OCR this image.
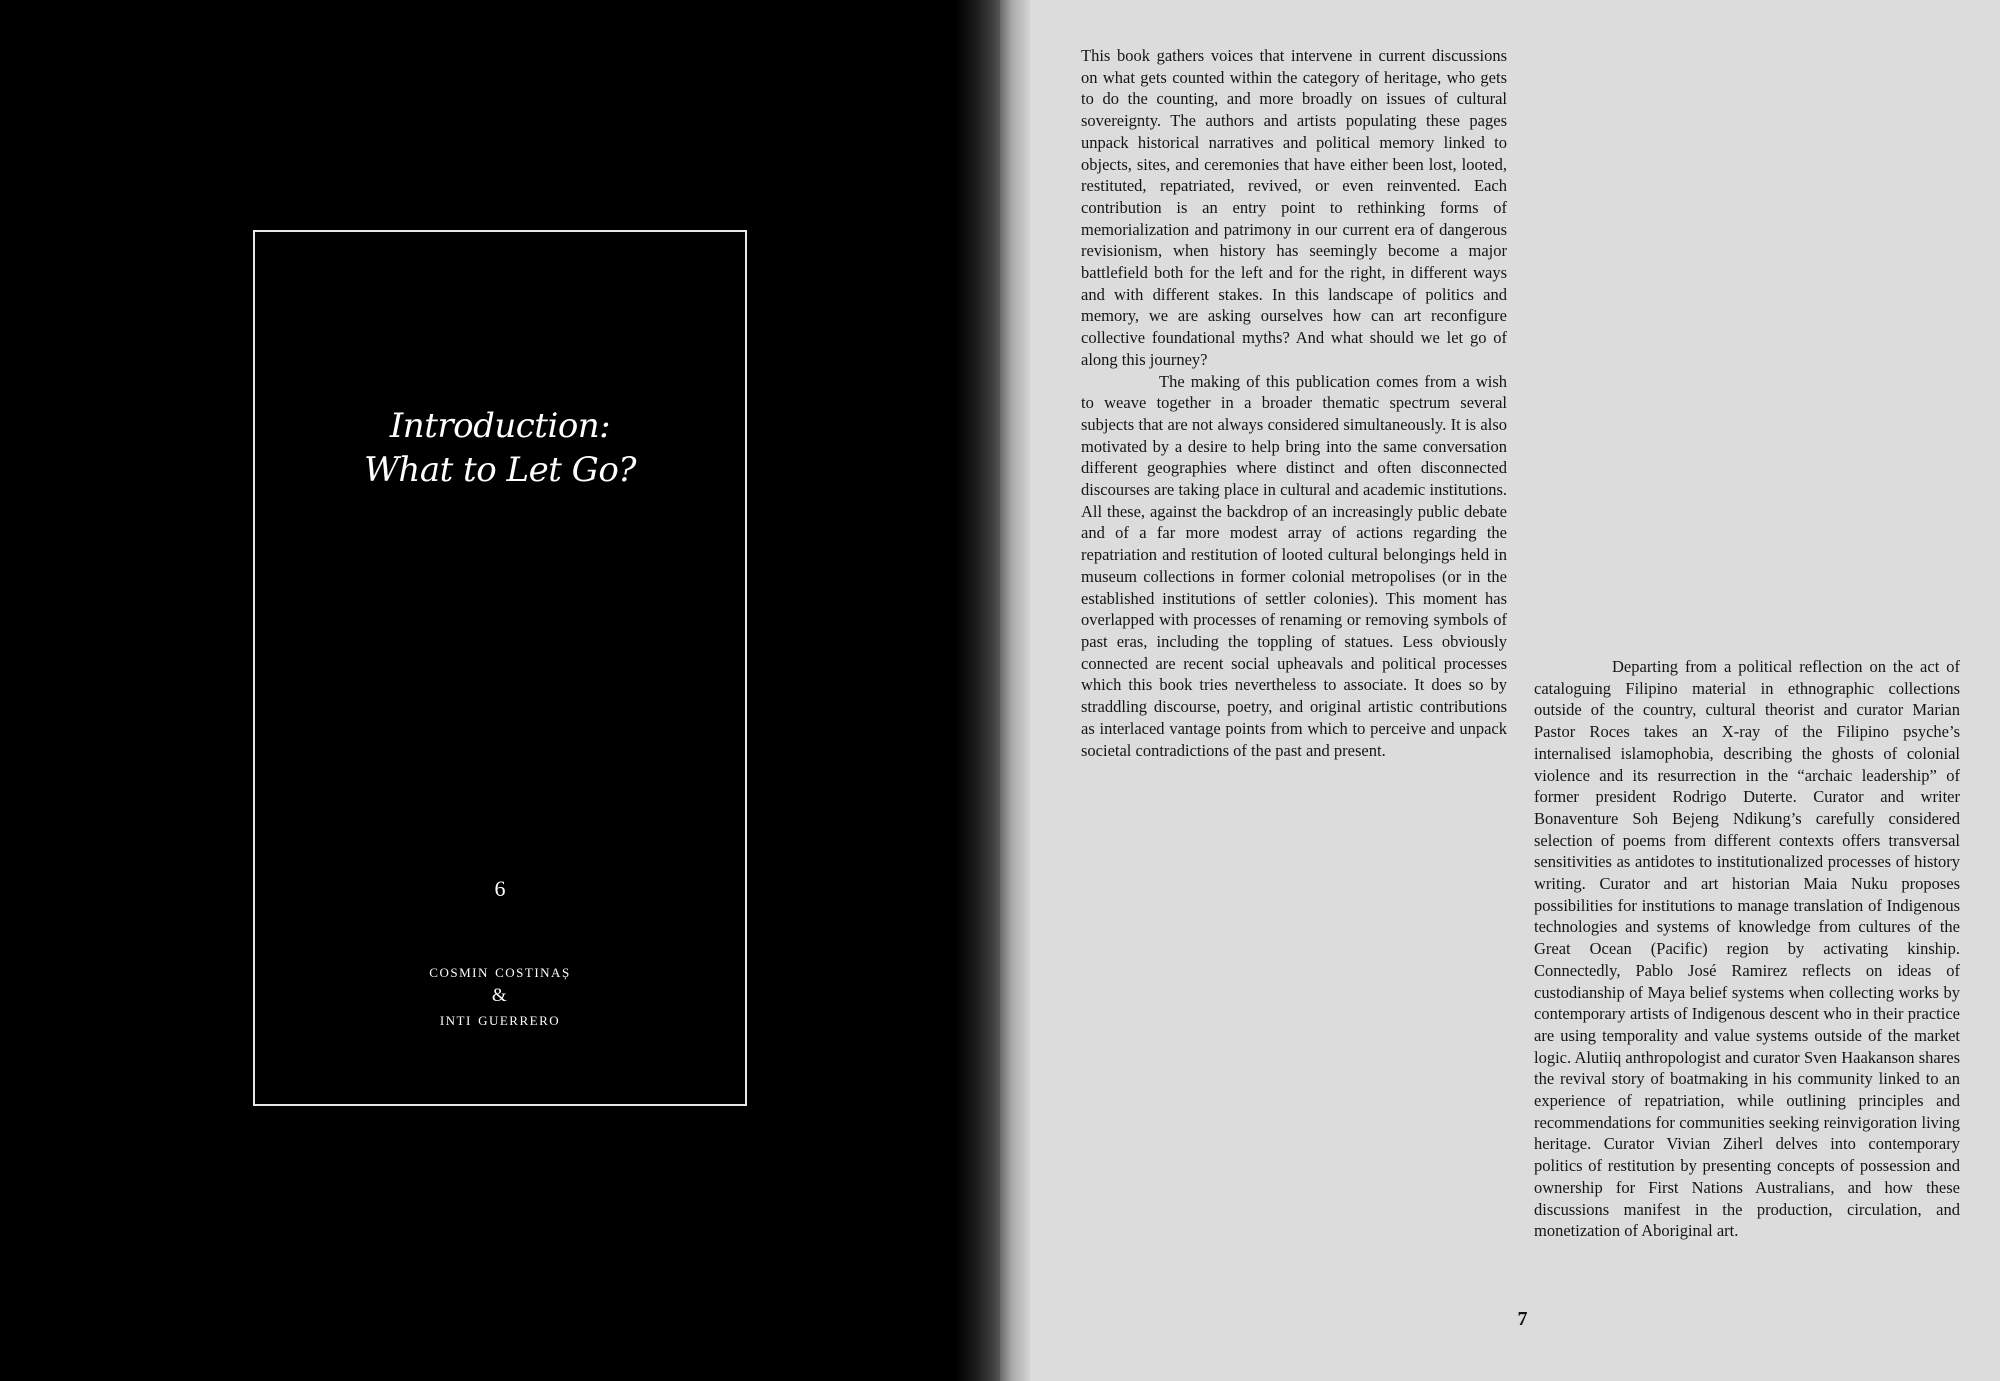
Introduction:
What to Let Go?
6
cosmin costinaș
&
inti guerrero

This book gathers voices that intervene in current discussions on what gets counted within the category of heritage, who gets to do the counting, and more broadly on issues of cultural sovereignty. The authors and artists populating these pages unpack historical narratives and political memory linked to objects, sites, and ceremonies that have either been lost, looted, restituted, repatriated, revived, or even reinvented. Each contribution is an entry point to rethinking forms of memorialization and patrimony in our current era of dangerous revisionism, when history has seemingly become a major battlefield both for the left and for the right, in different ways and with different stakes. In this landscape of politics and memory, we are asking ourselves how can art reconfigure collective foundational myths? And what should we let go of along this journey?

The making of this publication comes from a wish to weave together in a broader thematic spectrum several subjects that are not always considered simultaneously. It is also motivated by a desire to help bring into the same conversation different geographies where distinct and often disconnected discourses are taking place in cultural and academic institutions. All these, against the backdrop of an increasingly public debate and of a far more modest array of actions regarding the repatriation and restitution of looted cultural belongings held in museum collections in former colonial metropolises (or in the established institutions of settler colonies). This moment has overlapped with processes of renaming or removing symbols of past eras, including the toppling of statues. Less obviously connected are recent social upheavals and political processes which this book tries nevertheless to associate. It does so by straddling discourse, poetry, and original artistic contributions as interlaced vantage points from which to perceive and unpack societal contradictions of the past and present.

Departing from a political reflection on the act of cataloguing Filipino material in ethnographic collections outside of the country, cultural theorist and curator Marian Pastor Roces takes an X-ray of the Filipino psyche’s internalised islamophobia, describing the ghosts of colonial violence and its resurrection in the “archaic leadership” of former president Rodrigo Duterte. Curator and writer Bonaventure Soh Bejeng Ndikung’s carefully considered selection of poems from different contexts offers transversal sensitivities as antidotes to institutionalized processes of history writing. Curator and art historian Maia Nuku proposes possibilities for institutions to manage translation of Indigenous technologies and systems of knowledge from cultures of the Great Ocean (Pacific) region by activating kinship. Connectedly, Pablo José Ramirez reflects on ideas of custodianship of Maya belief systems when collecting works by contemporary artists of Indigenous descent who in their practice are using temporality and value systems outside of the market logic. Alutiiq anthropologist and curator Sven Haakanson shares the revival story of boatmaking in his community linked to an experience of repatriation, while outlining principles and recommendations for communities seeking reinvigoration living heritage. Curator Vivian Ziherl delves into contemporary politics of restitution by presenting concepts of possession and ownership for First Nations Australians, and how these discussions manifest in the production, circulation, and monetization of Aboriginal art.

7
